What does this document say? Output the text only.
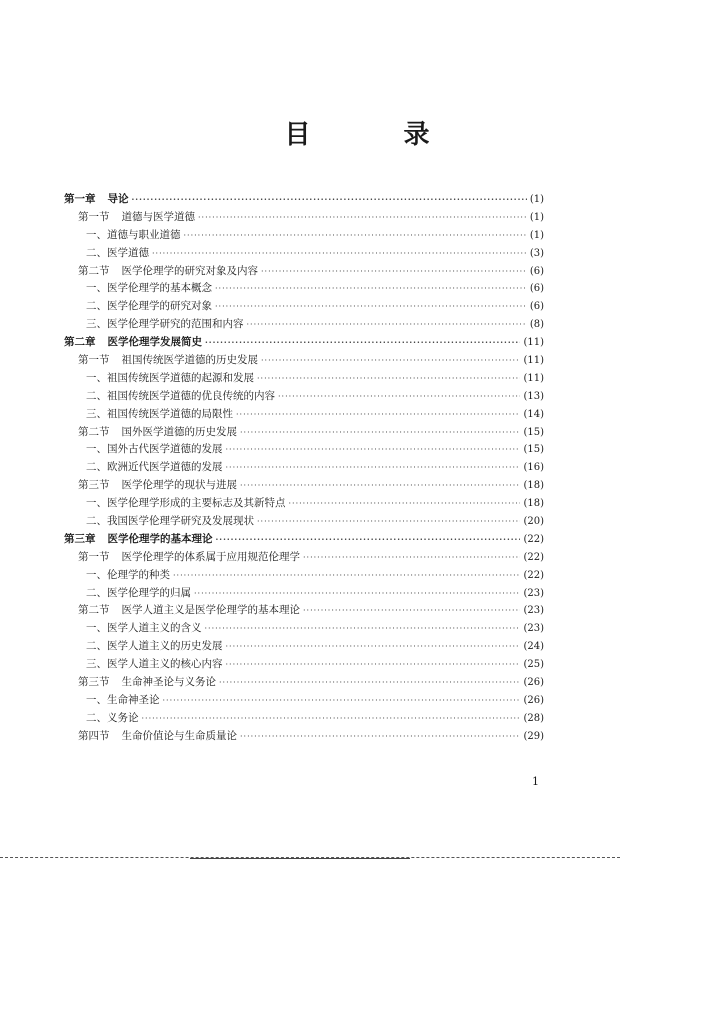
目 录
第一章 导论 ·····	(1)
第一节 道德与医学道德 ·····	(1)
一、道德与职业道德 ·····	(1)
二、医学道德 ·····	(3)
第二节 医学伦理学的研究对象及内容 ·····	(6)
一、医学伦理学的基本概念 ·····	(6)
二、医学伦理学的研究对象 ·····	(6)
三、医学伦理学研究的范围和内容 ·····	(8)
第二章 医学伦理学发展简史 ·····	(11)
第一节 祖国传统医学道德的历史发展 ·····	(11)
一、祖国传统医学道德的起源和发展 ·····	(11)
二、祖国传统医学道德的优良传统的内容 ·····	(13)
三、祖国传统医学道德的局限性 ·····	(14)
第二节 国外医学道德的历史发展 ·····	(15)
一、国外古代医学道德的发展 ·····	(15)
二、欧洲近代医学道德的发展 ·····	(16)
第三节 医学伦理学的现状与进展 ·····	(18)
一、医学伦理学形成的主要标志及其新特点 ·····	(18)
二、我国医学伦理学研究及发展现状 ·····	(20)
第三章 医学伦理学的基本理论 ·····	(22)
第一节 医学伦理学的体系属于应用规范伦理学 ·····	(22)
一、伦理学的种类 ·····	(22)
二、医学伦理学的归属 ·····	(23)
第二节 医学人道主义是医学伦理学的基本理论 ·····	(23)
一、医学人道主义的含义 ·····	(23)
二、医学人道主义的历史发展 ·····	(24)
三、医学人道主义的核心内容 ·····	(25)
第三节 生命神圣论与义务论 ·····	(26)
一、生命神圣论 ·····	(26)
二、义务论 ·····	(28)
第四节 生命价值论与生命质量论 ·····	(29)
1
